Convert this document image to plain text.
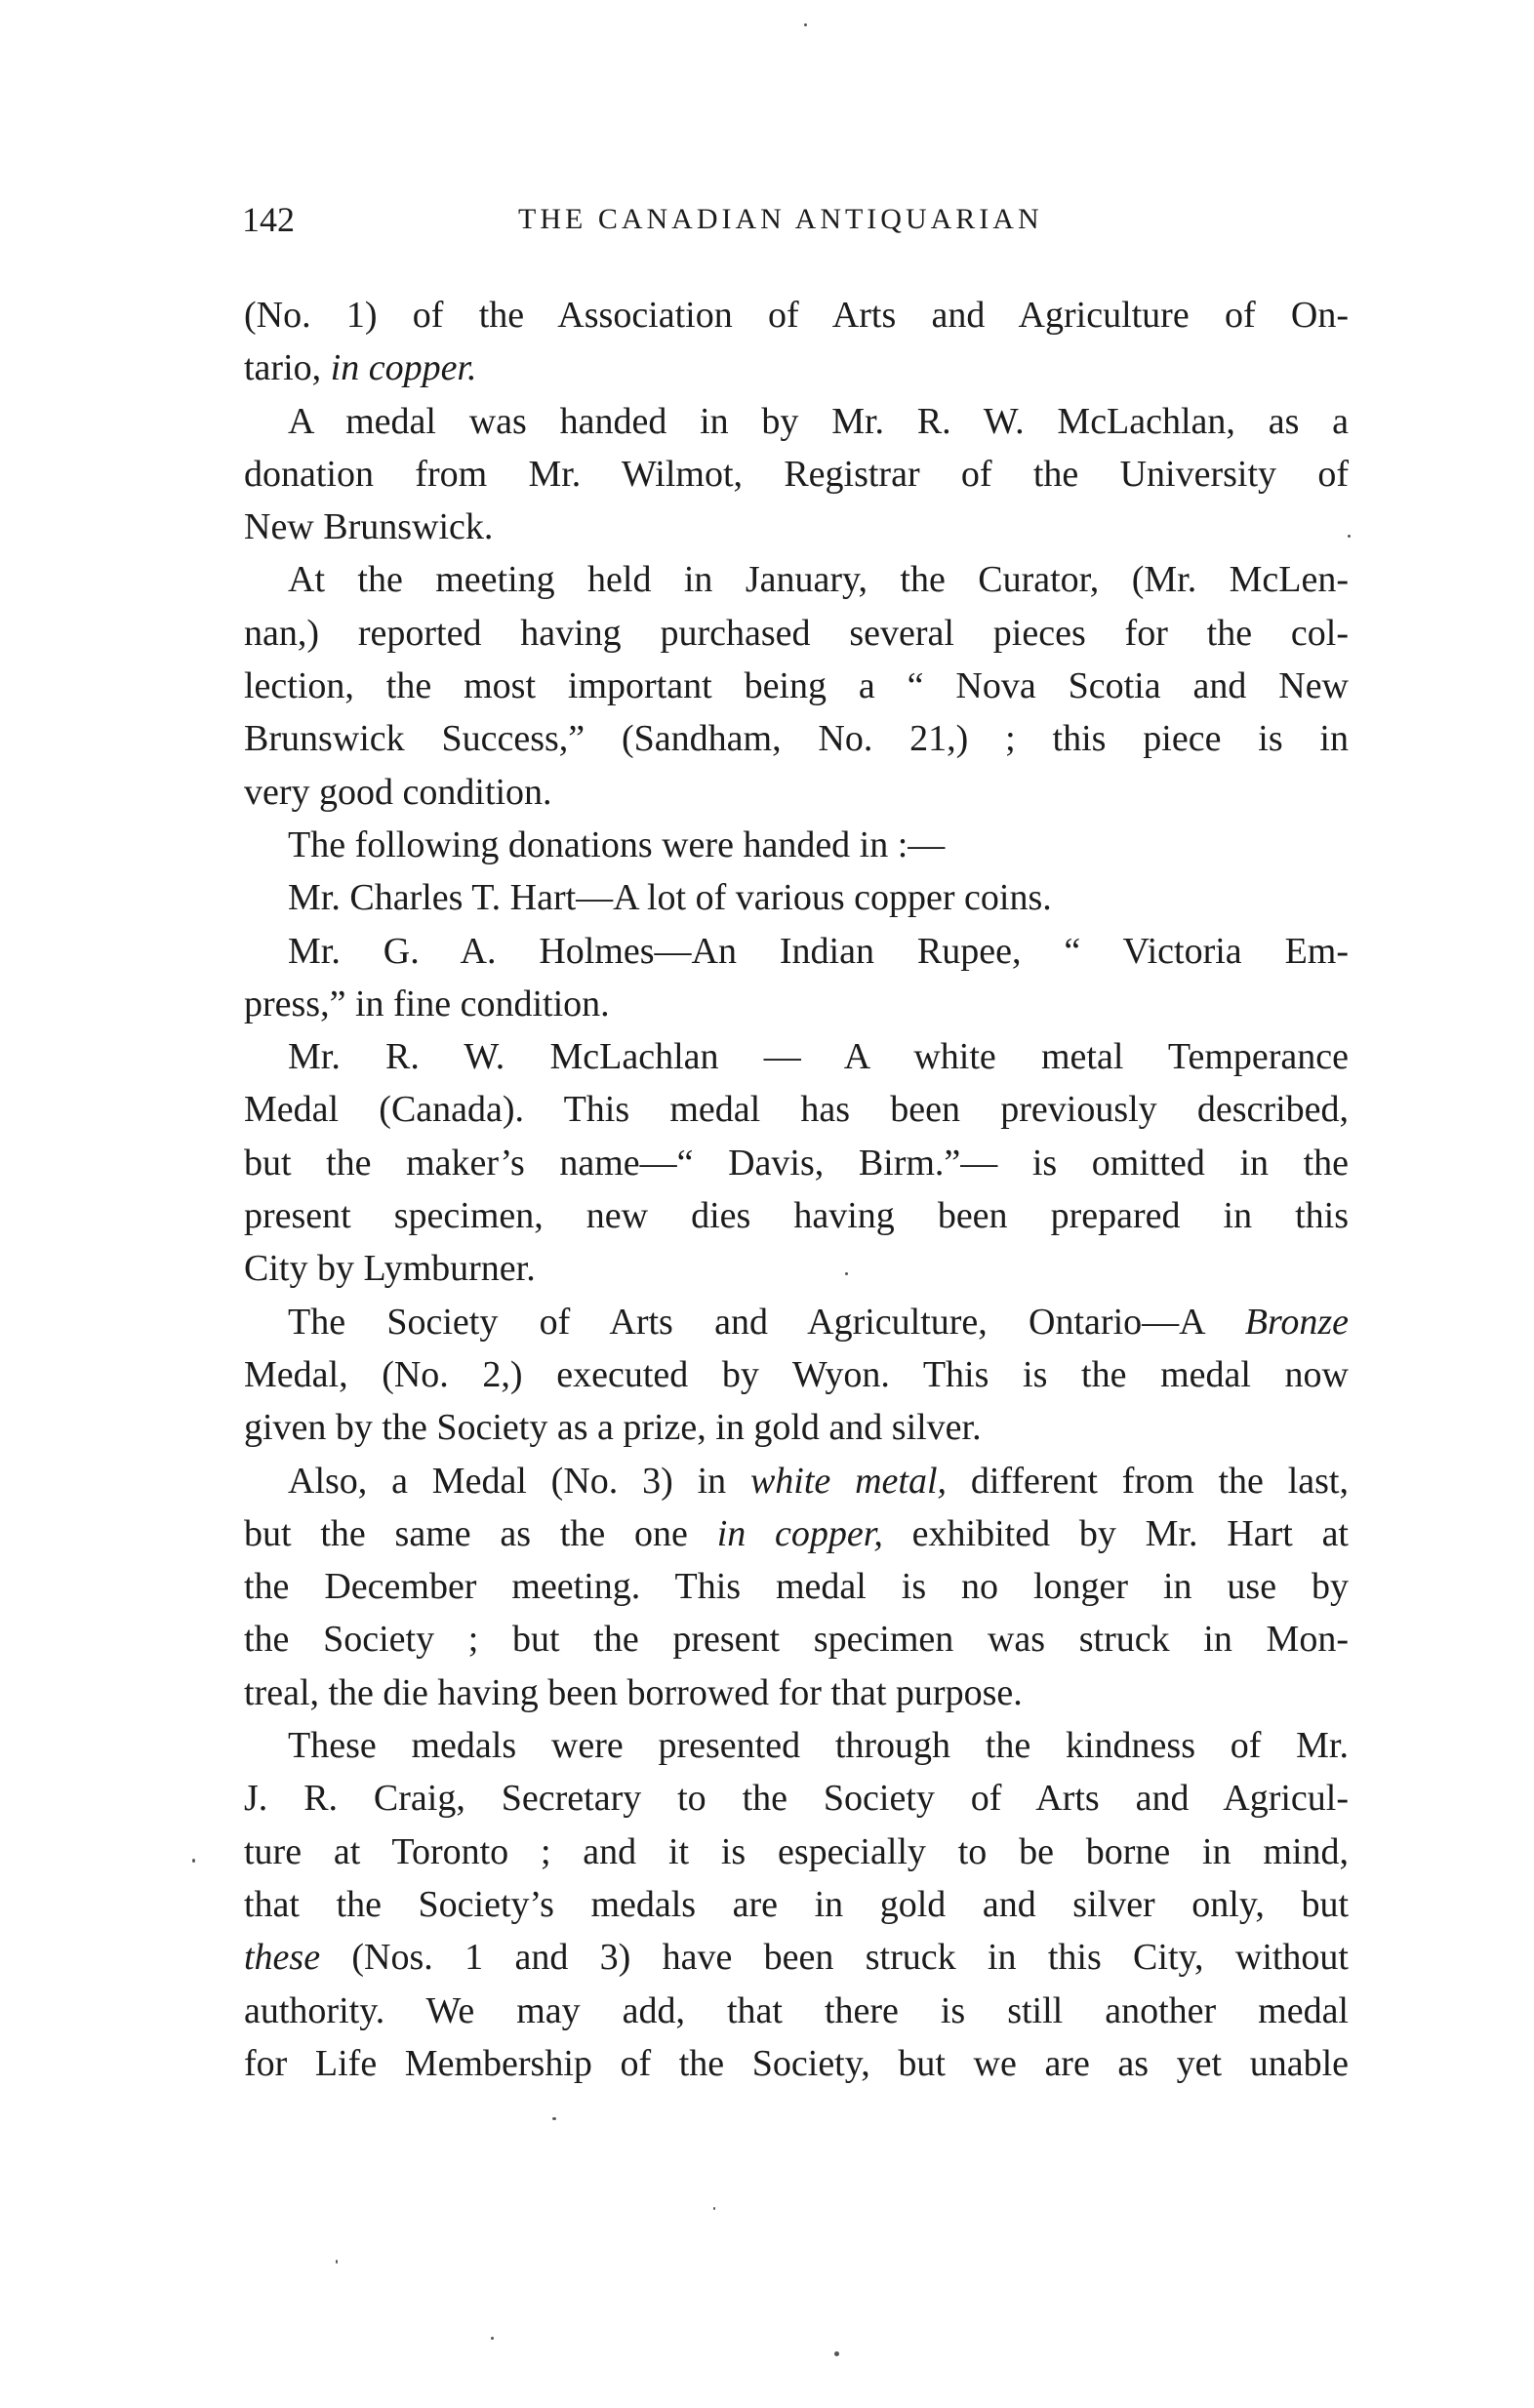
142	THE CANADIAN ANTIQUARIAN
(No. 1) of the Association of Arts and Agriculture of On-
tario, in copper.
A medal was handed in by Mr. R. W. McLachlan, as a
donation from Mr. Wilmot, Registrar of the University of
New Brunswick.
At the meeting held in January, the Curator, (Mr. McLen-
nan,) reported having purchased several pieces for the col-
lection, the most important being a “ Nova Scotia and New
Brunswick Success,” (Sandham, No. 21,) ; this piece is in
very good condition.
The following donations were handed in :—
Mr. Charles T. Hart—A lot of various copper coins.
Mr. G. A. Holmes—An Indian Rupee, “ Victoria Em-
press,” in fine condition.
Mr. R. W. McLachlan — A white metal Temperance
Medal (Canada). This medal has been previously described,
but the maker’s name—“ Davis, Birm.”— is omitted in the
present specimen, new dies having been prepared in this
City by Lymburner.
The Society of Arts and Agriculture, Ontario—A Bronze
Medal, (No. 2,) executed by Wyon. This is the medal now
given by the Society as a prize, in gold and silver.
Also, a Medal (No. 3) in white metal, different from the last,
but the same as the one in copper, exhibited by Mr. Hart at
the December meeting. This medal is no longer in use by
the Society ; but the present specimen was struck in Mon-
treal, the die having been borrowed for that purpose.
These medals were presented through the kindness of Mr.
J. R. Craig, Secretary to the Society of Arts and Agricul-
ture at Toronto ; and it is especially to be borne in mind,
that the Society’s medals are in gold and silver only, but
these (Nos. 1 and 3) have been struck in this City, without
authority. We may add, that there is still another medal
for Life Membership of the Society, but we are as yet unable
